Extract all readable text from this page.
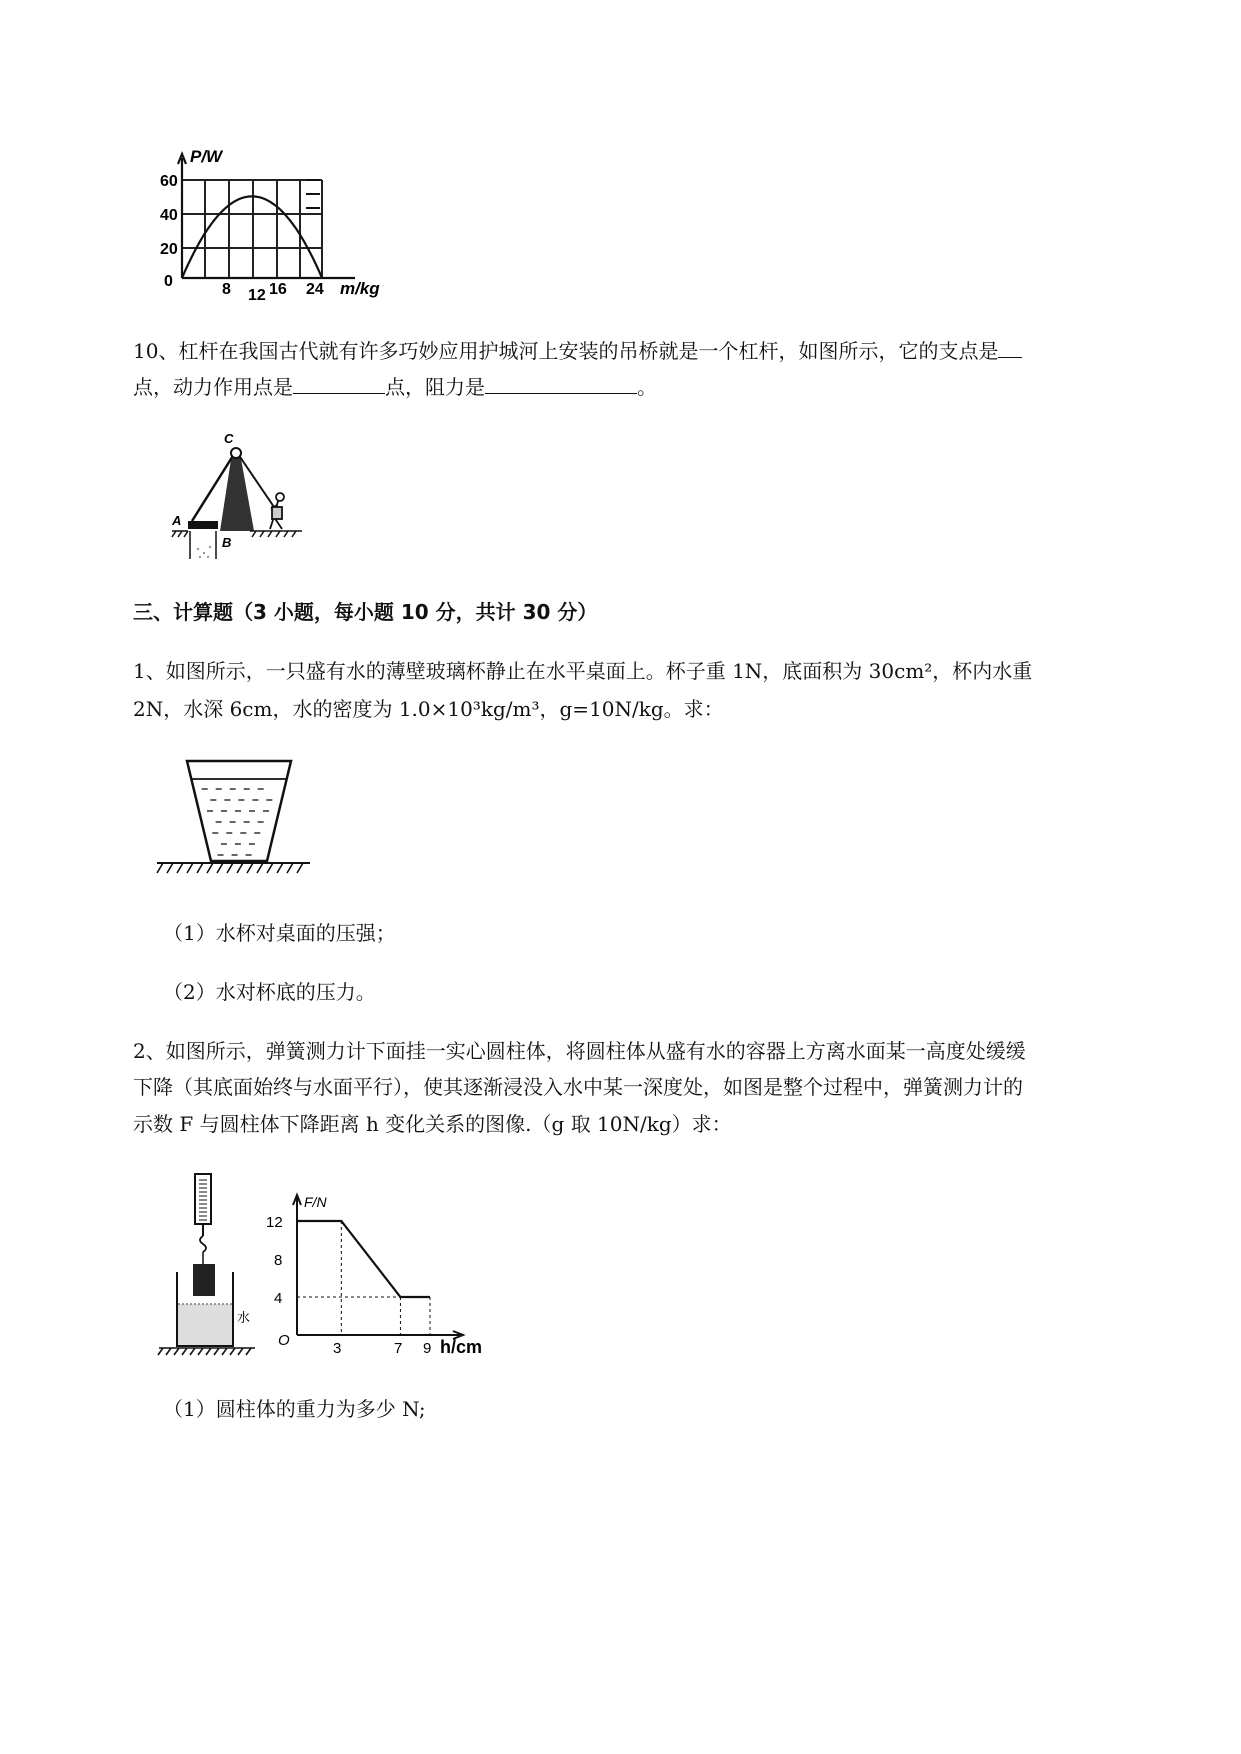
P/W
60
40
20
0	8 12 16 24 m/kg
10、杠杆在我国古代就有许多巧妙应用护城河上安装的吊桥就是一个杠杆，如图所示，它的支点是
点，动力作用点是	点，阻力是	。
C
A
B
三、计算题（3 小题，每小题 10 分，共计 30 分）
1、如图所示，一只盛有水的薄壁玻璃杯静止在水平桌面上。杯子重 1N，底面积为 30cm²，杯内水重
2N，水深 6cm，水的密度为 1.0×10³kg/m³，g=10N/kg。求：
（1）水杯对桌面的压强；
（2）水对杯底的压力。
2、如图所示，弹簧测力计下面挂一实心圆柱体，将圆柱体从盛有水的容器上方离水面某一高度处缓缓
下降（其底面始终与水面平行），使其逐渐浸没入水中某一深度处，如图是整个过程中，弹簧测力计的
示数 F 与圆柱体下降距离 h 变化关系的图像.（g 取 10N/kg）求：
水
F/N
12
8
4
O	3	7 9 h/cm
（1）圆柱体的重力为多少 N;
